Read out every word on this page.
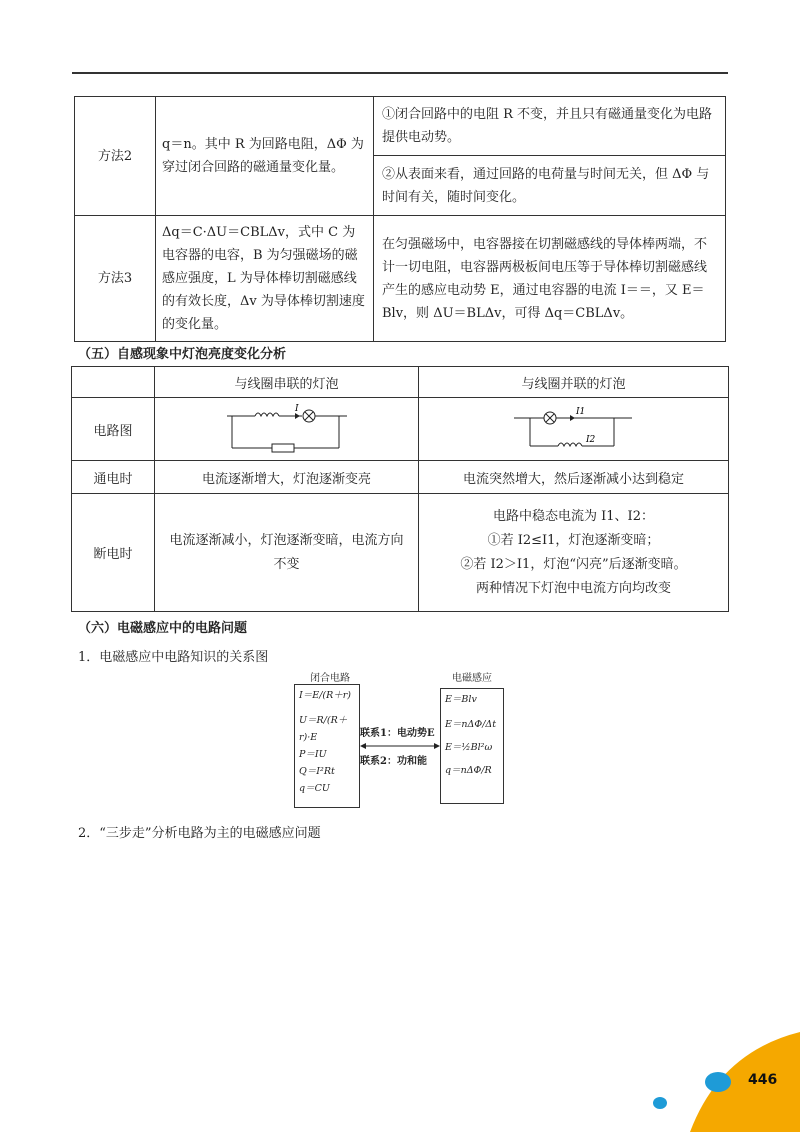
方法2	q＝n。其中 R 为回路电阻，ΔΦ 为穿过闭合回路的磁通量变化量。	①闭合回路中的电阻 R 不变，并且只有磁通量变化为电路提供电动势。
		②从表面来看，通过回路的电荷量与时间无关，但 ΔΦ 与时间有关，随时间变化。
方法3	Δq＝C·ΔU＝CBLΔv，式中 C 为电容器的电容，B 为匀强磁场的磁感应强度，L 为导体棒切割磁感线的有效长度，Δv 为导体棒切割速度的变化量。	在匀强磁场中，电容器接在切割磁感线的导体棒两端，不计一切电阻，电容器两极板间电压等于导体棒切割磁感线产生的感应电动势 E，通过电容器的电流 I＝＝，又 E＝Blv，则 ΔU＝BLΔv，可得 Δq＝CBLΔv。
（五）自感现象中灯泡亮度变化分析
	与线圈串联的灯泡	与线圈并联的灯泡
电路图	I	I1
I2

通电时	电流逐渐增大，灯泡逐渐变亮	电流突然增大，然后逐渐减小达到稳定
断电时	电流逐渐减小，灯泡逐渐变暗，电流方向不变	电路中稳态电流为 I1、I2：
①若 I2≤I1，灯泡逐渐变暗；
②若 I2＞I1，灯泡“闪亮”后逐渐变暗。
两种情况下灯泡中电流方向均改变
（六）电磁感应中的电路问题
1．电磁感应中电路知识的关系图
闭合电路	电磁感应
I＝E/(R＋r)
U＝R/(R＋r)·E
P＝IU
Q＝I²Rt
q＝CU
E＝Blv
E＝nΔΦ/Δt
E＝½Bl²ω
q＝nΔΦ/R
联系1：电动势E
联系2：功和能
2．“三步走”分析电路为主的电磁感应问题
446
